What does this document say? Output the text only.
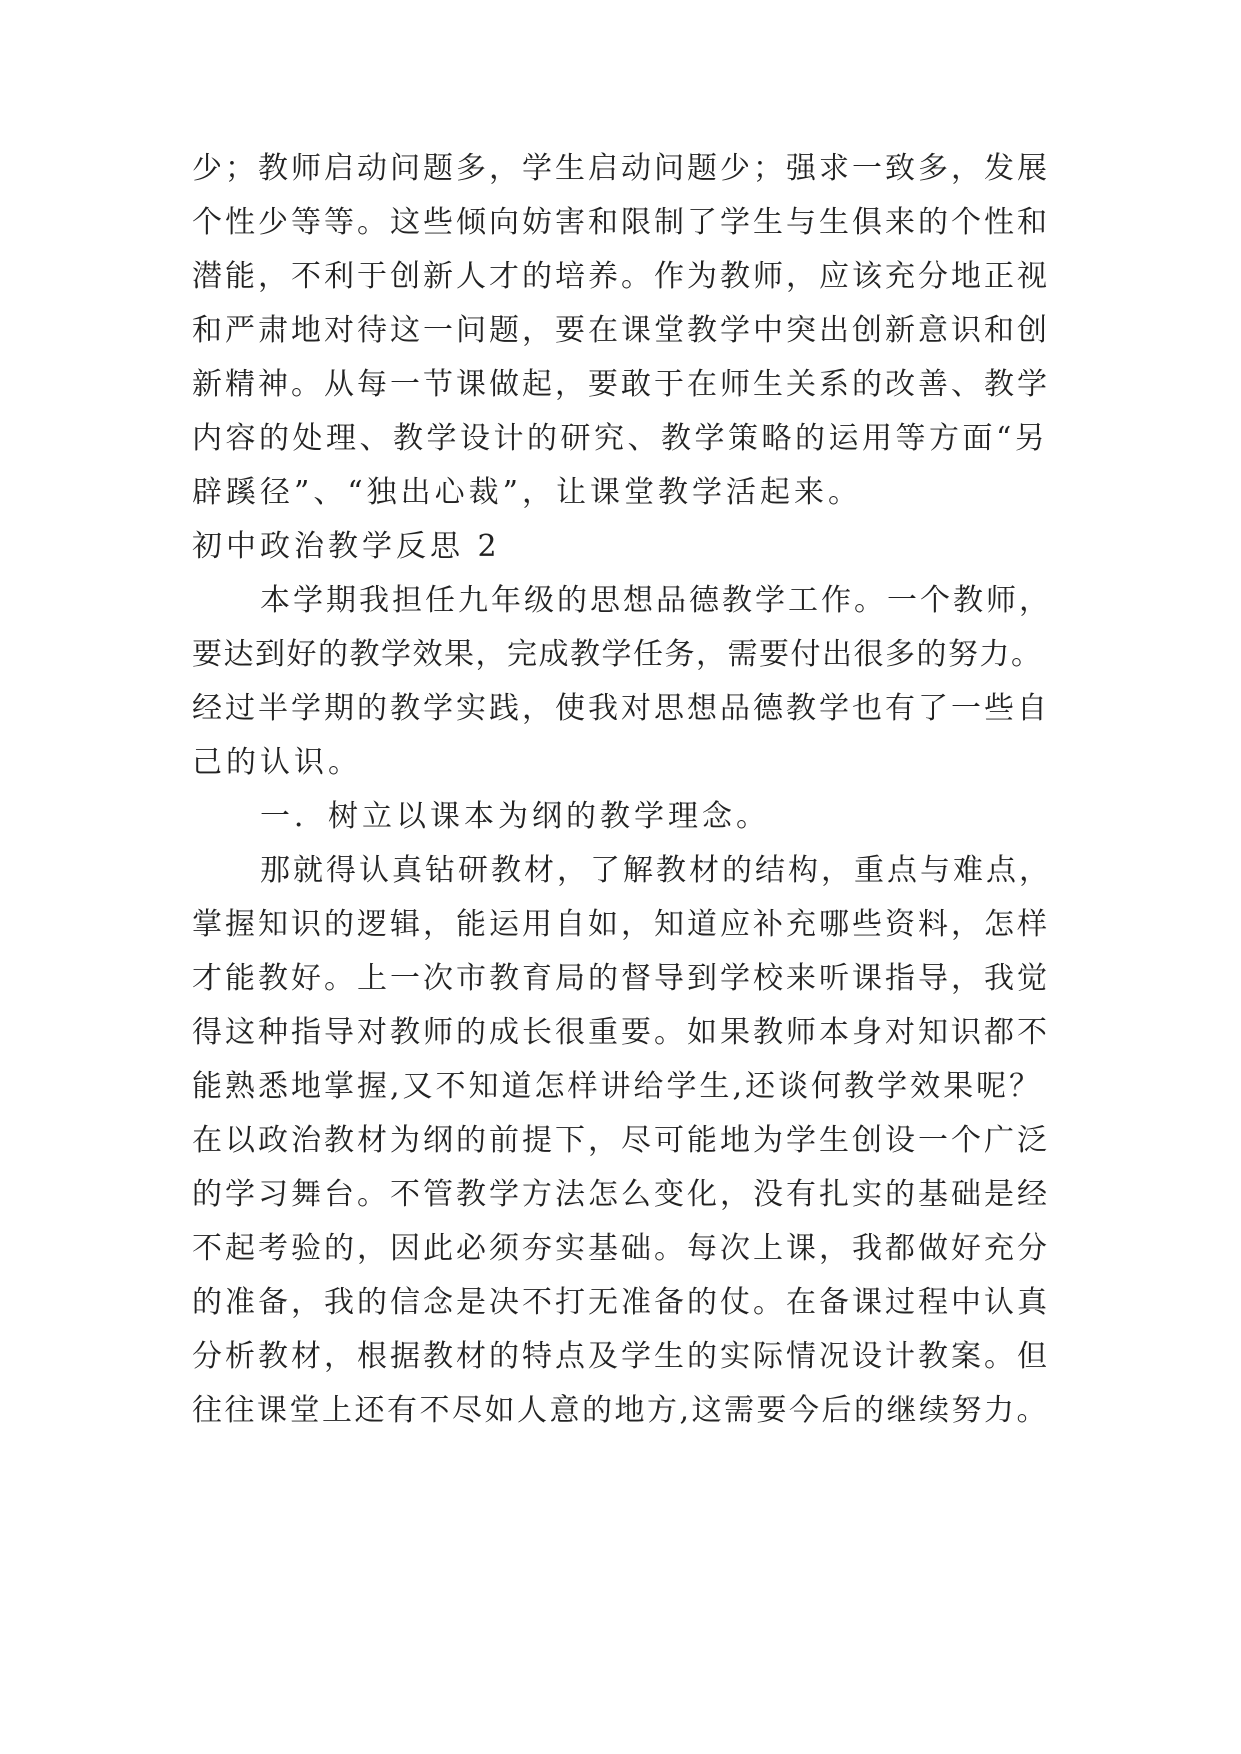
少；教师启动问题多，学生启动问题少；强求一致多，发展
个性少等等。这些倾向妨害和限制了学生与生俱来的个性和
潜能，不利于创新人才的培养。作为教师，应该充分地正视
和严肃地对待这一问题，要在课堂教学中突出创新意识和创
新精神。从每一节课做起，要敢于在师生关系的改善、教学
内容的处理、教学设计的研究、教学策略的运用等方面“另
辟蹊径”、“独出心裁”，让课堂教学活起来。
初中政治教学反思 2
本学期我担任九年级的思想品德教学工作。一个教师，
要达到好的教学效果，完成教学任务，需要付出很多的努力。
经过半学期的教学实践，使我对思想品德教学也有了一些自
己的认识。
一．树立以课本为纲的教学理念。
那就得认真钻研教材，了解教材的结构，重点与难点，
掌握知识的逻辑，能运用自如，知道应补充哪些资料，怎样
才能教好。上一次市教育局的督导到学校来听课指导，我觉
得这种指导对教师的成长很重要。如果教师本身对知识都不
能熟悉地掌握,又不知道怎样讲给学生,还谈何教学效果呢？
在以政治教材为纲的前提下，尽可能地为学生创设一个广泛
的学习舞台。不管教学方法怎么变化，没有扎实的基础是经
不起考验的，因此必须夯实基础。每次上课，我都做好充分
的准备，我的信念是决不打无准备的仗。在备课过程中认真
分析教材，根据教材的特点及学生的实际情况设计教案。但
往往课堂上还有不尽如人意的地方,这需要今后的继续努力。
